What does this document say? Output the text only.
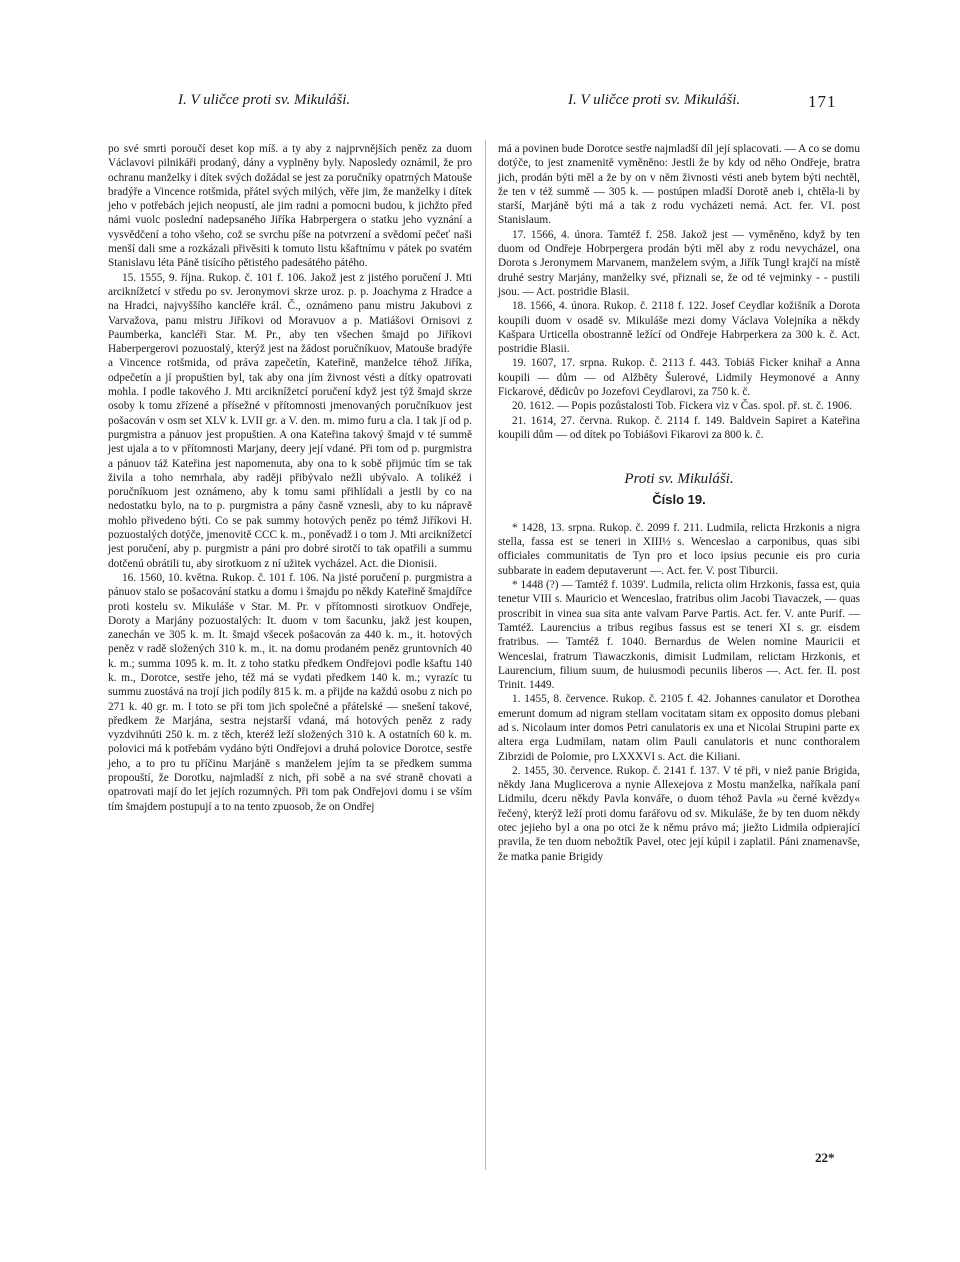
I. V uličce proti sv. Mikuláši.	I. V uličce proti sv. Mikuláši.	171

po své smrti poroučí deset kop míš. a ty aby z najprvnějších peněz za duom Václavovi pilnikáři prodaný, dány a vyplněny byly. Naposledy oznámil, že pro ochranu manželky i dítek svých dožádal se jest za poručníky opatrných Matouše bradýře a Vincence rotšmida, přátel svých milých, věře jim, že manželky i dítek jeho v potřebách jejich neopustí, ale jim radni a pomocni budou, k jichžto před námi vuolc poslední nadepsaného Jiříka Habrpergera o statku jeho vyznání a vysvědčení a toho všeho, což se svrchu píše na potvrzení a svědomí pečeť naši menší dali sme a rozkázali přivěsiti k tomuto listu kšaftnímu v pátek po svatém Stanislavu léta Páně tisícího pětistého padesátého pátého.

15. 1555, 9. října. Rukop. č. 101 f. 106. Jakož jest z jistého poručení J. Mti arciknížetcí v středu po sv. Jeronymovi skrze uroz. p. p. Joachyma z Hradce a na Hradci, najvyššího kancléře král. Č., oznámeno panu mistru Jakubovi z Varvažova, panu mistru Jiříkovi od Moravuov a p. Matiášovi Ornisovi z Paumberka, kancléři Star. M. Pr., aby ten všechen šmajd po Jiříkovi Haberpergerovi pozuostalý, kterýž jest na žádost poručníkuov, Matouše bradýře a Vincence rotšmida, od práva zapečetín, Kateřině, manželce téhož Jiříka, odpečetín a jí propuštien byl, tak aby ona jím živnost vésti a dítky opatrovati mohla. I podle takového J. Mti arciknížetcí poručení když jest týž šmajd skrze osoby k tomu zřízené a přísežné v přítomnosti jmenovaných poručníkuov jest pošacován v osm set XLV k. LVII gr. a V. den. m. mimo furu a cla. I tak jí od p. purgmistra a pánuov jest propuštien. A ona Kateřina takový šmajd v té summě jest ujala a to v přítomnosti Marjany, deery její vdané. Při tom od p. purgmistra a pánuov táž Kateřina jest napomenuta, aby ona to k sobě přijmúc tím se tak živila a toho nemrhala, aby raději přibývalo nežli ubývalo. A tolikéž i poručníkuom jest oznámeno, aby k tomu sami přihlídali a jestli by co na nedostatku bylo, na to p. purgmistra a pány časně vznesli, aby to ku nápravě mohlo přivedeno býti. Co se pak summy hotových peněz po témž Jiříkovi H. pozuostalých dotýče, jmenovitě CCC k. m., poněvadž i o tom J. Mti arciknížetcí jest poručení, aby p. purgmistr a páni pro dobré sirotčí to tak opatřili a summu dotčenú obrátili tu, aby sirotkuom z ní užitek vycházel. Act. die Dionisii.

16. 1560, 10. května. Rukop. č. 101 f. 106. Na jisté poručení p. purgmistra a pánuov stalo se pošacování statku a domu i šmajdu po někdy Kateřině šmajdířce proti kostelu sv. Mikuláše v Star. M. Pr. v přítomnosti sirotkuov Ondřeje, Doroty a Marjány pozuostalých: It. duom v tom šacunku, jakž jest koupen, zanechán ve 305 k. m. It. šmajd všecek pošacován za 440 k. m., it. hotových peněz v radě složených 310 k. m., it. na domu prodaném peněz gruntovních 40 k. m.; summa 1095 k. m. It. z toho statku předkem Ondřejovi podle kšaftu 140 k. m., Dorotce, sestře jeho, též má se vydati předkem 140 k. m.; vyrazíc tu summu zuostává na trojí jich podíly 815 k. m. a přijde na každú osobu z nich po 271 k. 40 gr. m. I toto se při tom jich společné a přátelské — snešení takové, předkem že Marjána, sestra nejstarší vdaná, má hotových peněz z rady vyzdvihnúti 250 k. m. z těch, kteréž leží složených 310 k. A ostatních 60 k. m. polovici má k potřebám vydáno býti Ondřejovi a druhá polovice Dorotce, sestře jeho, a to pro tu příčinu Marjáně s manželem jejím ta se předkem summa propouští, že Dorotku, najmladší z nich, při sobě a na své straně chovati a opatrovati mají do let jejích rozumných. Při tom pak Ondřejovi domu i se vším tím šmajdem postupují a to na tento zpuosob, že on Ondřej

má a povinen bude Dorotce sestře najmladší díl její splacovati. — A co se domu dotýče, to jest znamenitě vyměněno: Jestli že by kdy od něho Ondřeje, bratra jich, prodán býti měl a že by on v něm živnosti vésti aneb bytem býti nechtěl, že ten v též summě — 305 k. — postúpen mladší Dorotě aneb i, chtěla-li by starší, Marjáně býti má a tak z rodu vycházeti nemá. Act. fer. VI. post Stanislaum.

17. 1566, 4. února. Tamtéž f. 258. Jakož jest — vyměněno, když by ten duom od Ondřeje Hobrpergera prodán býti měl aby z rodu nevycházel, ona Dorota s Jeronymem Marvanem, manželem svým, a Jiřík Tungl krajčí na místě druhé sestry Marjány, manželky své, přiznali se, že od té vejminky - - pustili jsou. — Act. postridie Blasii.

18. 1566, 4. února. Rukop. č. 2118 f. 122. Josef Ceydlar kožišník a Dorota koupili duom v osadě sv. Mikuláše mezi domy Václava Volejníka a někdy Kašpara Urticella obostranně ležící od Ondřeje Habrperkera za 300 k. č. Act. postridie Blasii.

19. 1607, 17. srpna. Rukop. č. 2113 f. 443. Tobiáš Ficker knihař a Anna koupili — dům — od Alžběty Šulerové, Lidmily Heymonové a Anny Fickarové, dědicův po Jozefovi Ceydlarovi, za 750 k. č.

20. 1612. — Popis pozůstalosti Tob. Fickera viz v Čas. spol. př. st. č. 1906.

21. 1614, 27. června. Rukop. č. 2114 f. 149. Baldvein Sapiret a Kateřina koupili dům — od dítek po Tobiášovi Fikarovi za 800 k. č.

Proti sv. Mikuláši.
Číslo 19.

* 1428, 13. srpna. Rukop. č. 2099 f. 211. Ludmila, relicta Hrzkonis a nigra stella, fassa est se teneri in XIII½ s. Wenceslao a carponibus, quas sibi officiales communitatis de Tyn pro et loco ipsius pecunie eis pro curia subbarate in eadem deputaverunt —. Act. fer. V. post Tiburcii.

* 1448 (?) — Tamtéž f. 1039'. Ludmila, relicta olim Hrzkonis, fassa est, quia tenetur VIII s. Mauricio et Wenceslao, fratribus olim Jacobi Tiavaczek, — quas proscribit in vinea sua sita ante valvam Parve Partis. Act. fer. V. ante Purif. — Tamtéž. Laurencius a tribus regibus fassus est se teneri XI s. gr. eisdem fratribus. — Tamtéž f. 1040. Bernardus de Welen nomine Mauricii et Wenceslai, fratrum Tiawaczkonis, dimisit Ludmilam, relictam Hrzkonis, et Laurencium, filium suum, de huiusmodi pecuniis liberos —. Act. fer. II. post Trinit. 1449.

1. 1455, 8. července. Rukop. č. 2105 f. 42. Johannes canulator et Dorothea emerunt domum ad nigram stellam vocitatam sitam ex opposito domus plebani ad s. Nicolaum inter domos Petri canulatoris ex una et Nicolai Strupini parte ex altera erga Ludmilam, natam olim Pauli canulatoris et nunc conthoralem Zibrzidi de Polomie, pro LXXXVI s. Act. die Kiliani.

2. 1455, 30. července. Rukop. č. 2141 f. 137. V té při, v niež panie Brigida, někdy Jana Muglicerova a nynie Allexejova z Mostu manželka, naříkala paní Lidmilu, dceru někdy Pavla konváře, o duom téhož Pavla »u černé kvězdy« řečený, kterýž leží proti domu farářovu od sv. Mikuláše, že by ten duom někdy otec jejieho byl a ona po otci že k němu právo má; jiežto Lidmila odpierající pravila, že ten duom nebožtík Pavel, otec její kúpil i zaplatil. Páni znamenavše, že matka panie Brigidy

22*
